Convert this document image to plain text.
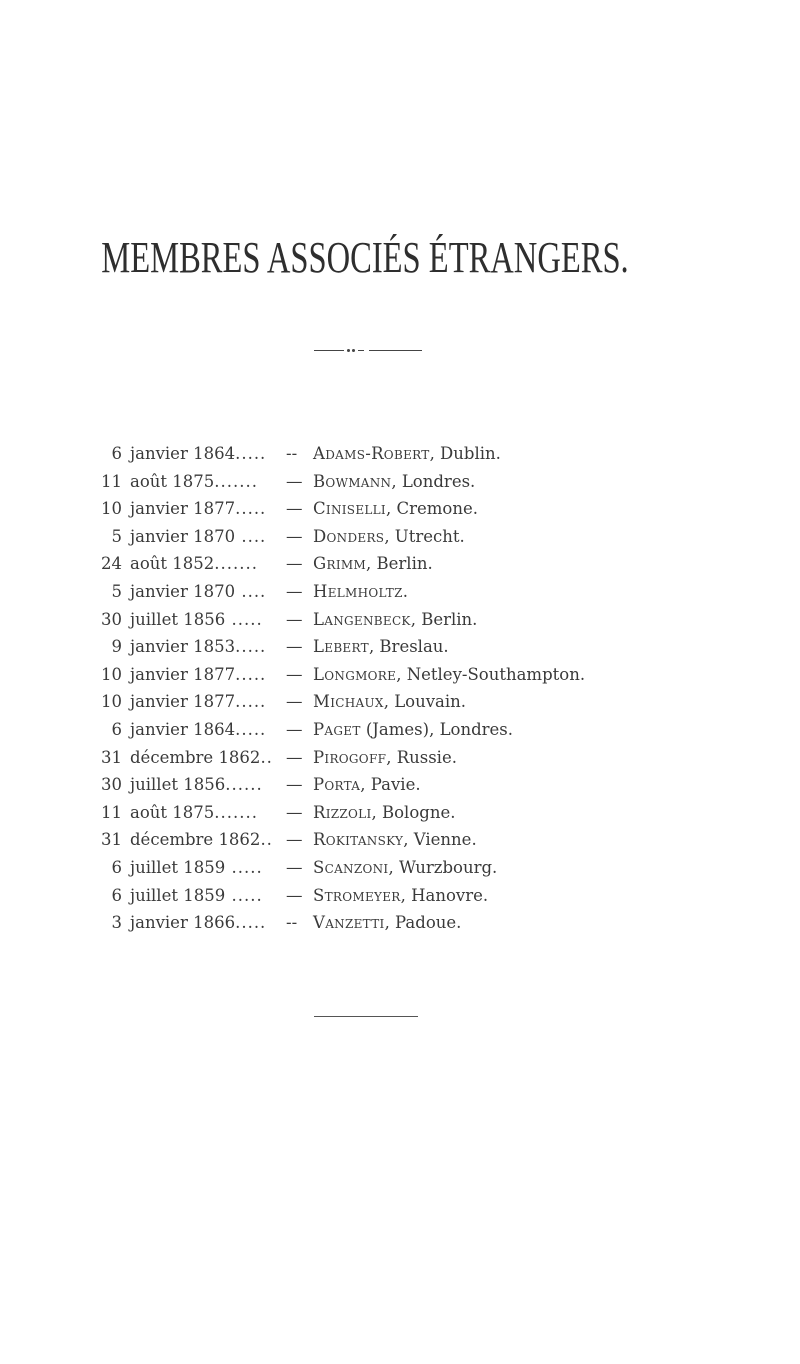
MEMBRES ASSOCIÉS ÉTRANGERS.
6 janvier 1864..... -- Adams-Robert, Dublin.
11 août 1875....... — Bowmann, Londres.
10 janvier 1877..... — Ciniselli, Cremone.
5 janvier 1870 .... — Donders, Utrecht.
24 août 1852....... — Grimm, Berlin.
5 janvier 1870 .... — Helmholtz.
30 juillet 1856 ..... — Langenbeck, Berlin.
9 janvier 1853..... — Lebert, Breslau.
10 janvier 1877..... — Longmore, Netley-Southampton.
10 janvier 1877..... — Michaux, Louvain.
6 janvier 1864..... — Paget (James), Londres.
31 décembre 1862.. — Pirogoff, Russie.
30 juillet 1856...... — Porta, Pavie.
11 août 1875....... — Rizzoli, Bologne.
31 décembre 1862.. — Rokitansky, Vienne.
6 juillet 1859 ..... — Scanzoni, Wurzbourg.
6 juillet 1859 ..... — Stromeyer, Hanovre.
3 janvier 1866..... -- Vanzetti, Padoue.
